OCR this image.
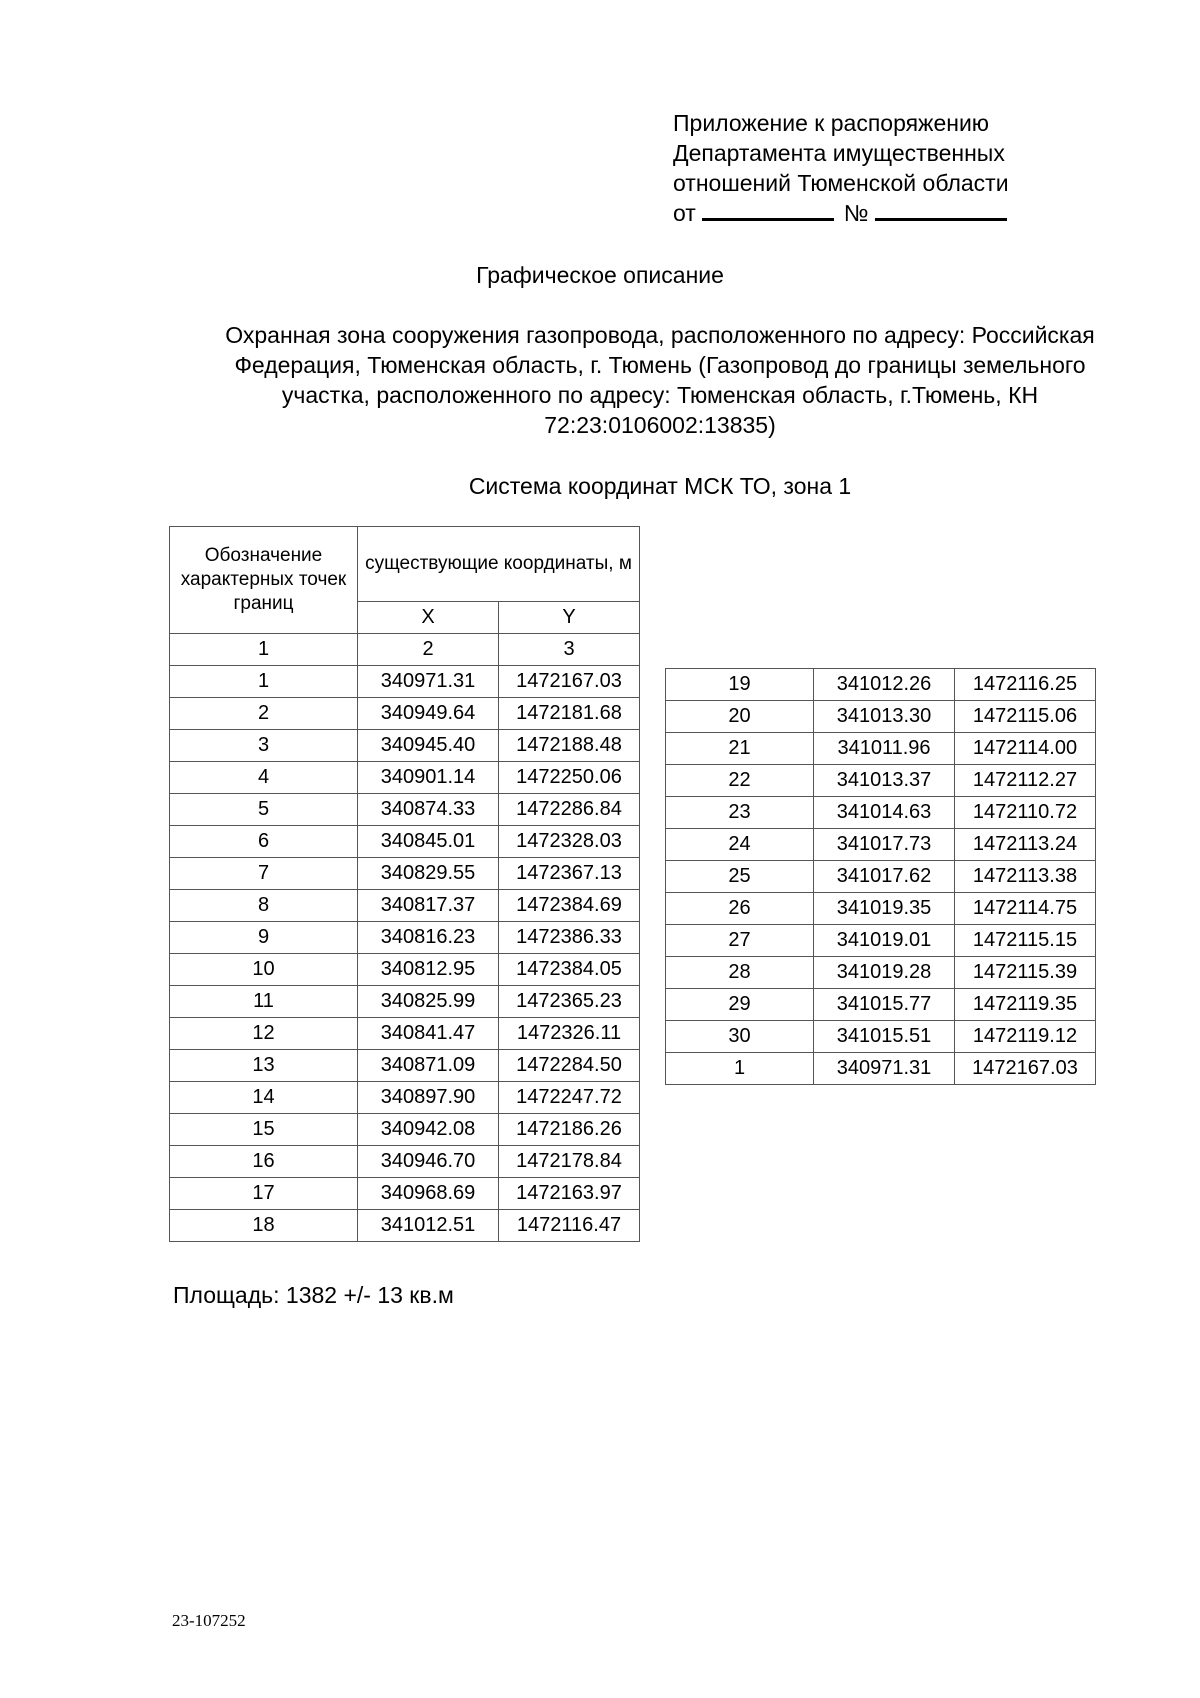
Приложение к распоряжению
Департамента имущественных
отношений Тюменской области
от	№
Графическое описание
Охранная зона сооружения газопровода, расположенного по адресу: Российская Федерация, Тюменская область, г. Тюмень (Газопровод до границы земельного участка, расположенного по адресу: Тюменская область, г.Тюмень, КН 72:23:0106002:13835)
Система координат МСК ТО, зона 1
Обозначение характерных точек границ	существующие координаты, м	
	X	Y
1	2	3
1	340971.31	1472167.03
2	340949.64	1472181.68
3	340945.40	1472188.48
4	340901.14	1472250.06
5	340874.33	1472286.84
6	340845.01	1472328.03
7	340829.55	1472367.13
8	340817.37	1472384.69
9	340816.23	1472386.33
10	340812.95	1472384.05
11	340825.99	1472365.23
12	340841.47	1472326.11
13	340871.09	1472284.50
14	340897.90	1472247.72
15	340942.08	1472186.26
16	340946.70	1472178.84
17	340968.69	1472163.97
18	341012.51	1472116.47
19	341012.26	1472116.25
20	341013.30	1472115.06
21	341011.96	1472114.00
22	341013.37	1472112.27
23	341014.63	1472110.72
24	341017.73	1472113.24
25	341017.62	1472113.38
26	341019.35	1472114.75
27	341019.01	1472115.15
28	341019.28	1472115.39
29	341015.77	1472119.35
30	341015.51	1472119.12
1	340971.31	1472167.03
Площадь: 1382 +/- 13 кв.м
23-107252
